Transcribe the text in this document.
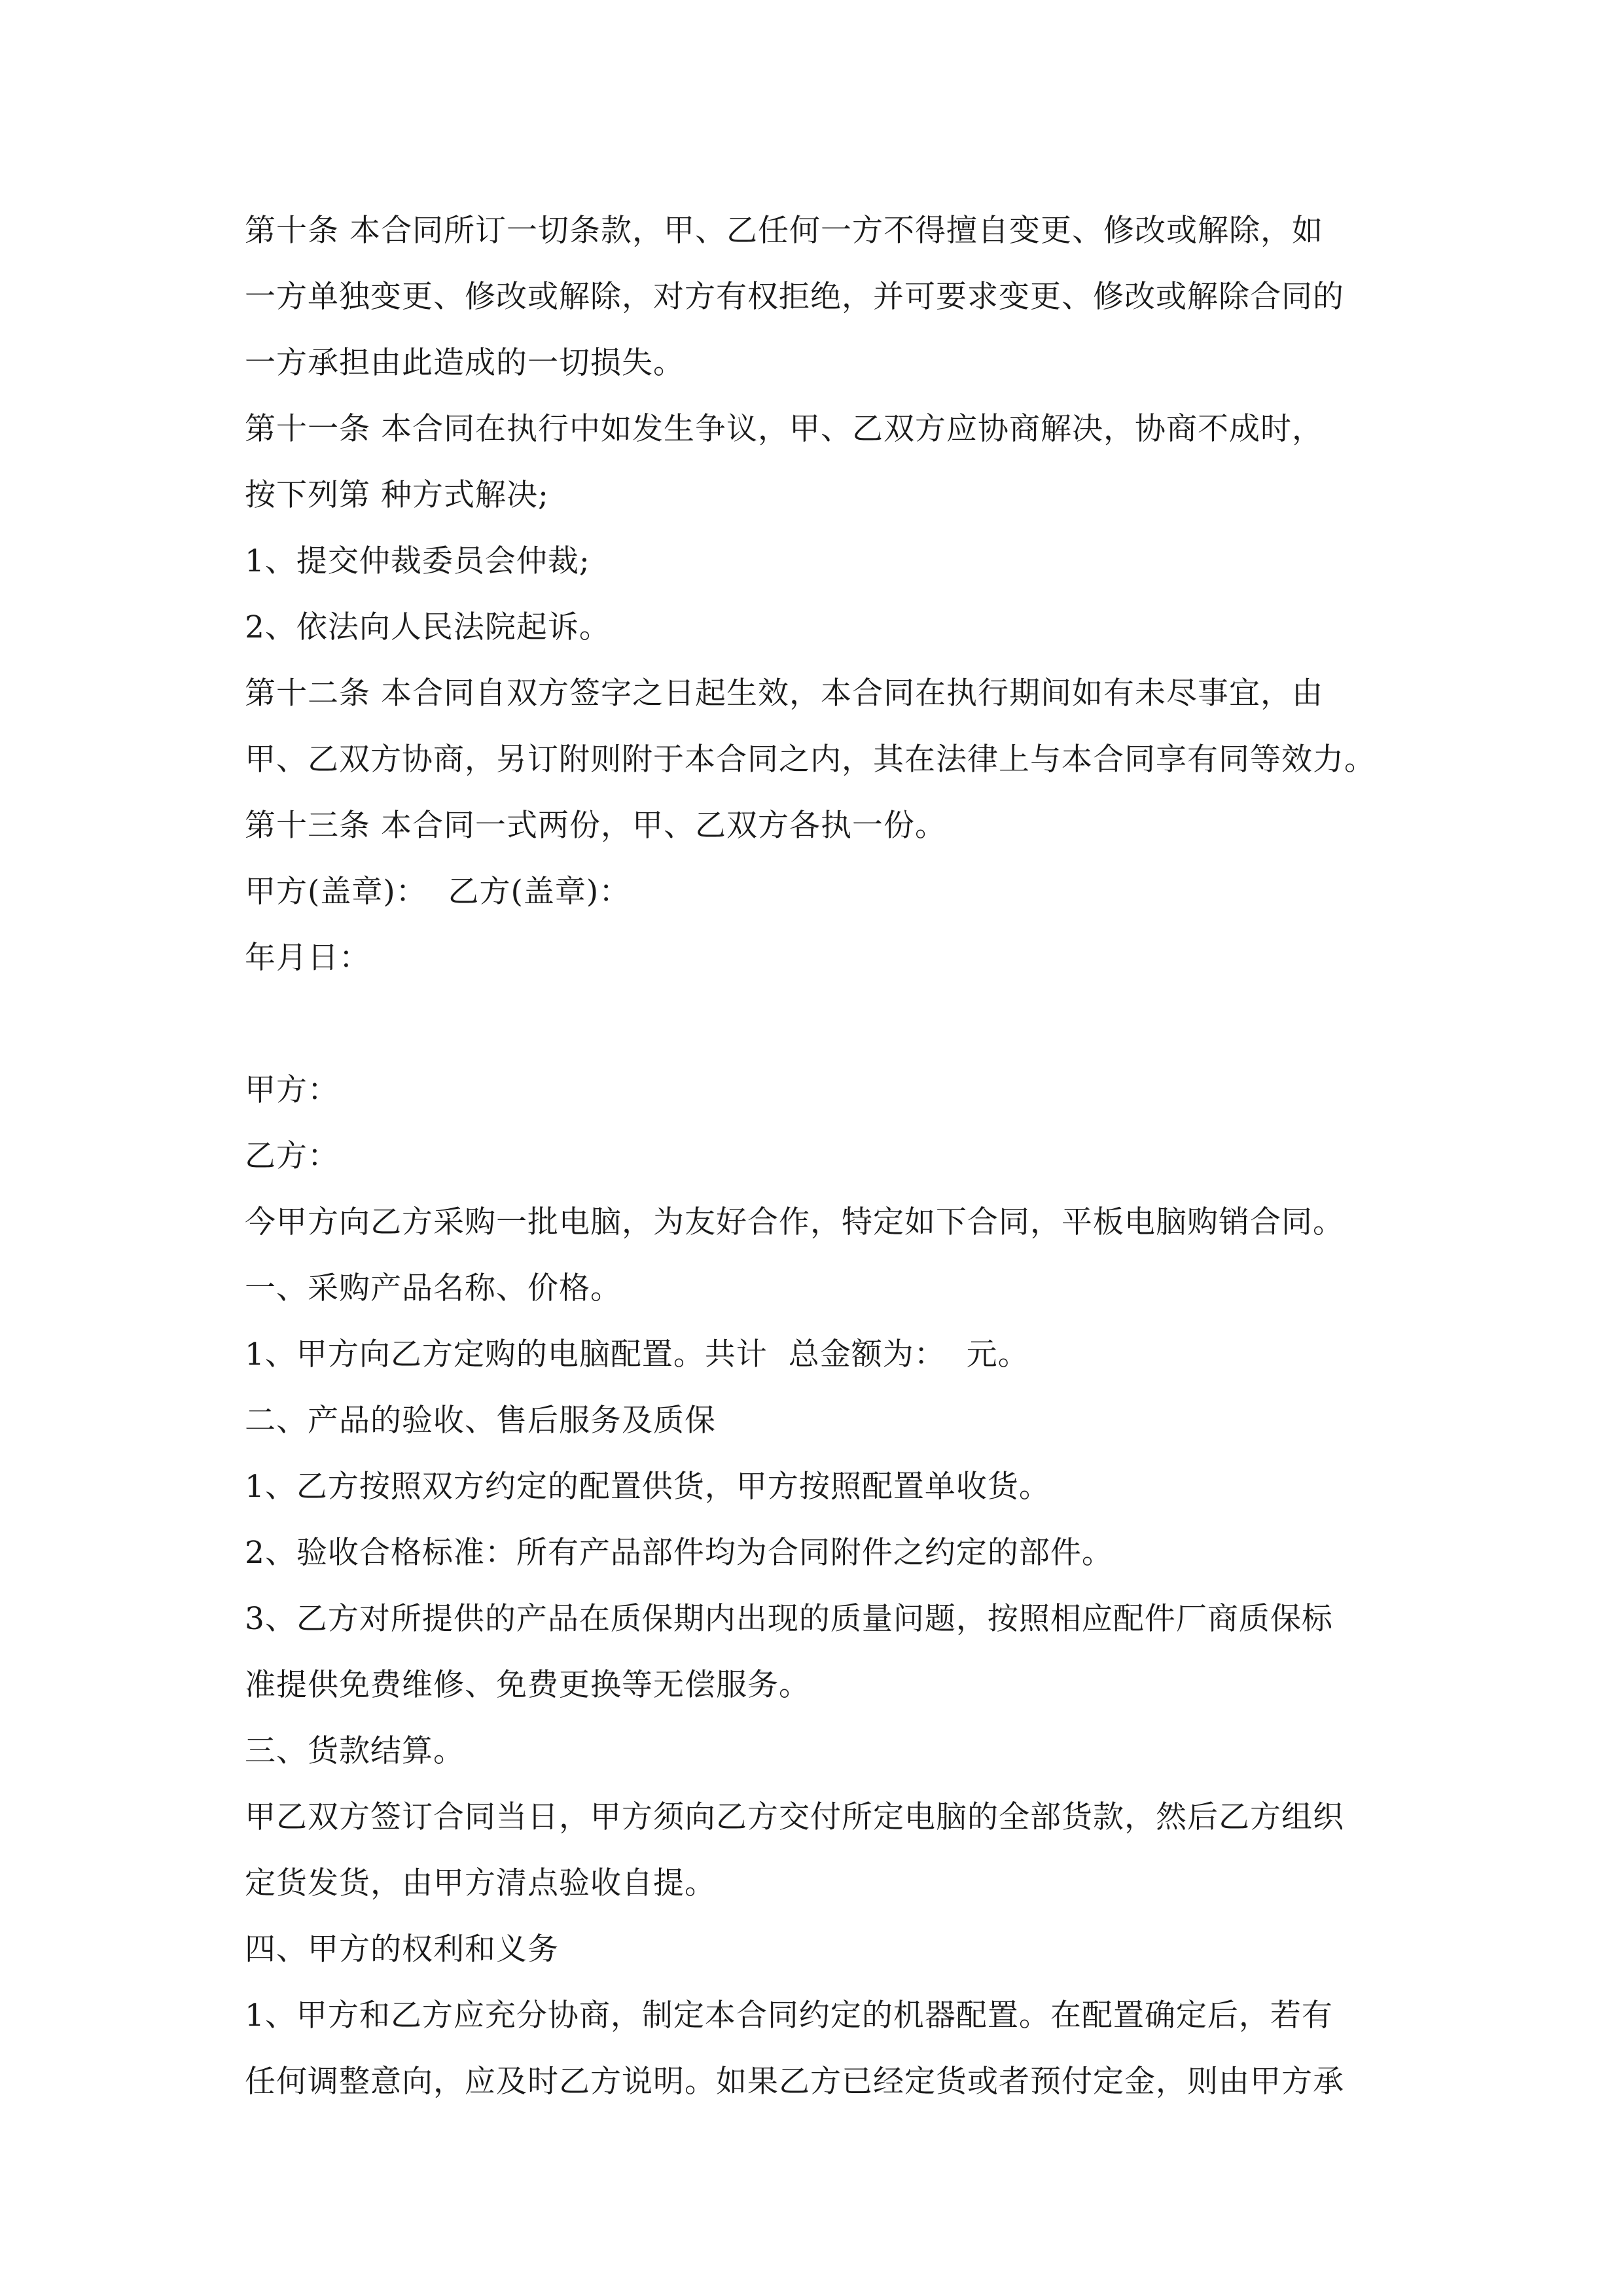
第十条 本合同所订一切条款，甲、乙任何一方不得擅自变更、修改或解除，如
一方单独变更、修改或解除，对方有权拒绝，并可要求变更、修改或解除合同的
一方承担由此造成的一切损失。
第十一条 本合同在执行中如发生争议，甲、乙双方应协商解决，协商不成时，
按下列第 种方式解决;
1、提交仲裁委员会仲裁;
2、依法向人民法院起诉。
第十二条 本合同自双方签字之日起生效，本合同在执行期间如有未尽事宜，由
甲、乙双方协商，另订附则附于本合同之内，其在法律上与本合同享有同等效力。
第十三条 本合同一式两份，甲、乙双方各执一份。
甲方(盖章)：  乙方(盖章)：
年月日：
甲方：
乙方：
今甲方向乙方采购一批电脑，为友好合作，特定如下合同，平板电脑购销合同。
一、采购产品名称、价格。
1、甲方向乙方定购的电脑配置。共计  总金额为：  元。
二、产品的验收、售后服务及质保
1、乙方按照双方约定的配置供货，甲方按照配置单收货。
2、验收合格标准：所有产品部件均为合同附件之约定的部件。
3、乙方对所提供的产品在质保期内出现的质量问题，按照相应配件厂商质保标
准提供免费维修、免费更换等无偿服务。
三、货款结算。
甲乙双方签订合同当日，甲方须向乙方交付所定电脑的全部货款，然后乙方组织
定货发货，由甲方清点验收自提。
四、甲方的权利和义务
1、甲方和乙方应充分协商，制定本合同约定的机器配置。在配置确定后，若有
任何调整意向，应及时乙方说明。如果乙方已经定货或者预付定金，则由甲方承
